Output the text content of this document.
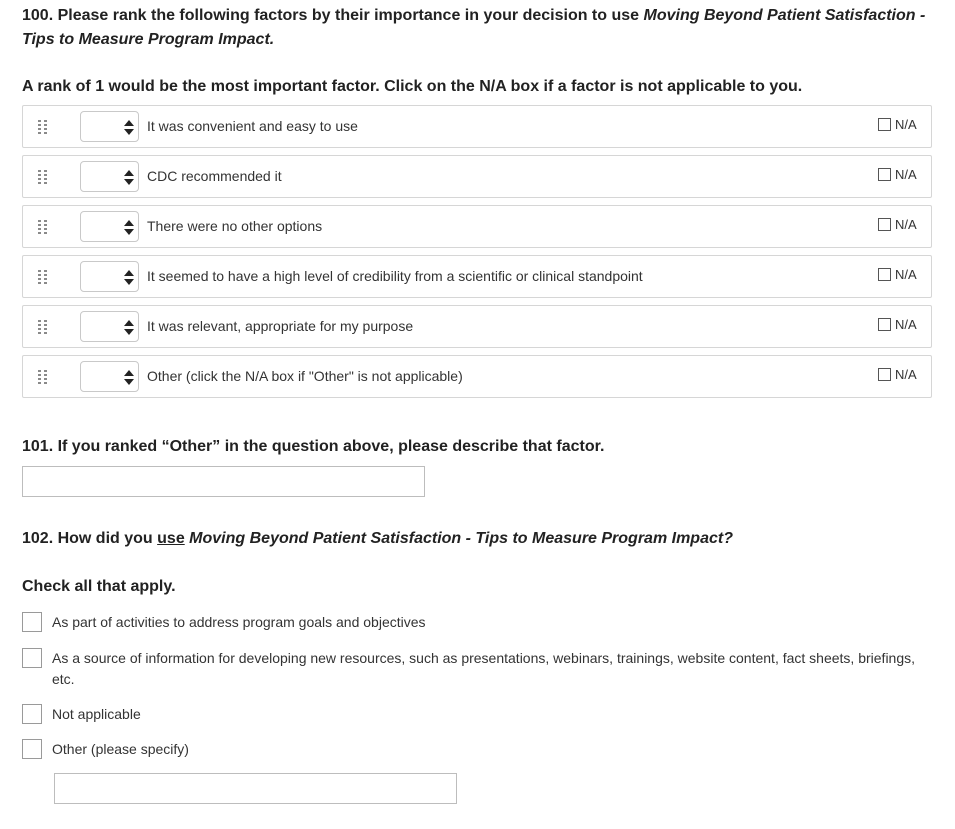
100. Please rank the following factors by their importance in your decision to use Moving Beyond Patient Satisfaction - Tips to Measure Program Impact.
A rank of 1 would be the most important factor. Click on the N/A box if a factor is not applicable to you.
It was convenient and easy to use	N/A
CDC recommended it	N/A
There were no other options	N/A
It seemed to have a high level of credibility from a scientific or clinical standpoint	N/A
It was relevant, appropriate for my purpose	N/A
Other (click the N/A box if "Other" is not applicable)	N/A
101. If you ranked “Other” in the question above, please describe that factor.
102. How did you use Moving Beyond Patient Satisfaction - Tips to Measure Program Impact?
Check all that apply.
As part of activities to address program goals and objectives
As a source of information for developing new resources, such as presentations, webinars, trainings, website content, fact sheets, briefings, etc.
Not applicable
Other (please specify)
